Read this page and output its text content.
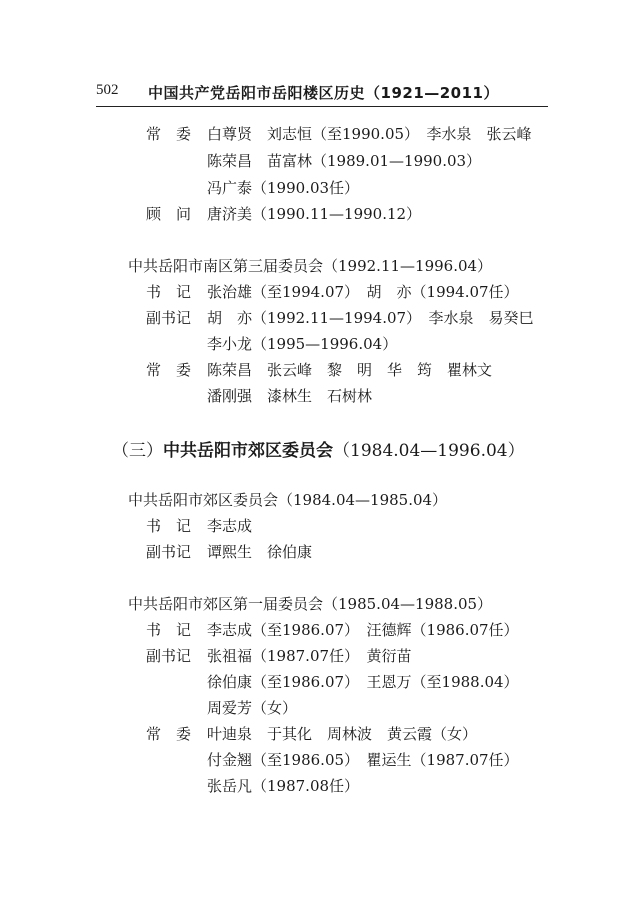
502 中国共产党岳阳市岳阳楼区历史（1921—2011）
常　委 白尊贤　刘志恒（至1990.05）　李水泉　张云峰
陈荣昌　苗富林（1989.01—1990.03）
冯广泰（1990.03任）
顾　问 唐济美（1990.11—1990.12）
中共岳阳市南区第三届委员会（1992.11—1996.04）
书　记 张治雄（至1994.07）　胡　亦（1994.07任）
副书记 胡　亦（1992.11—1994.07）　李水泉　易癸巳
李小龙（1995—1996.04）
常　委 陈荣昌　张云峰　黎　明　华　筠　瞿林文
潘刚强　漆林生　石树林
（三）中共岳阳市郊区委员会（1984.04—1996.04）
中共岳阳市郊区委员会（1984.04—1985.04）
书　记 李志成
副书记 谭熙生　徐伯康
中共岳阳市郊区第一届委员会（1985.04—1988.05）
书　记 李志成（至1986.07）　汪德辉（1986.07任）
副书记 张祖福（1987.07任）　黄衍苗
徐伯康（至1986.07）　王恩万（至1988.04）
周爱芳（女）
常　委 叶迪泉　于其化　周林波　黄云霞（女）
付金翘（至1986.05）　瞿运生（1987.07任）
张岳凡（1987.08任）
